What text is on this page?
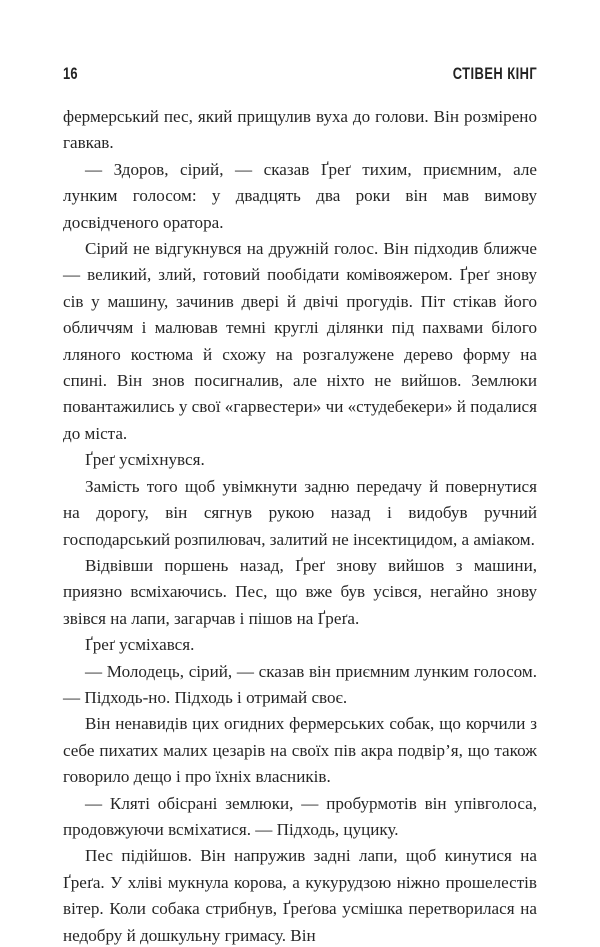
16	СТІВЕН КІНГ

фермерський пес, який прищулив вуха до голови. Він розмірено гавкав.

— Здоров, сірий, — сказав Ґреґ тихим, приємним, але лунким голосом: у двадцять два роки він мав вимову досвідченого оратора.

Сірий не відгукнувся на дружній голос. Він підходив ближче — великий, злий, готовий пообідати комівояжером. Ґреґ знову сів у машину, зачинив двері й двічі прогудів. Піт стікав його обличчям і малював темні круглі ділянки під пахвами білого лляного костюма й схожу на розгалужене дерево форму на спині. Він знов посигналив, але ніхто не вийшов. Землюки повантажились у свої «гарвестери» чи «студебекери» й подалися до міста.

Ґреґ усміхнувся.

Замість того щоб увімкнути задню передачу й повернутися на дорогу, він сягнув рукою назад і видобув ручний господарський розпилювач, залитий не інсектицидом, а аміаком.

Відвівши поршень назад, Ґреґ знову вийшов з машини, приязно всміхаючись. Пес, що вже був усівся, негайно знову звівся на лапи, загарчав і пішов на Ґреґа.

Ґреґ усміхався.

— Молодець, сірий, — сказав він приємним лунким голосом. — Підходь-но. Підходь і отримай своє.

Він ненавидів цих огидних фермерських собак, що корчили з себе пихатих малих цезарів на своїх пів акра подвір’я, що також говорило дещо і про їхніх власників.

— Кляті обісрані землюки, — пробурмотів він упівголоса, продовжуючи всміхатися. — Підходь, цуцику.

Пес підійшов. Він напружив задні лапи, щоб кинутися на Ґреґа. У хліві мукнула корова, а кукурудзою ніжно прошелестів вітер. Коли собака стрибнув, Ґреґова усмішка перетворилася на недобру й дошкульну гримасу. Він
